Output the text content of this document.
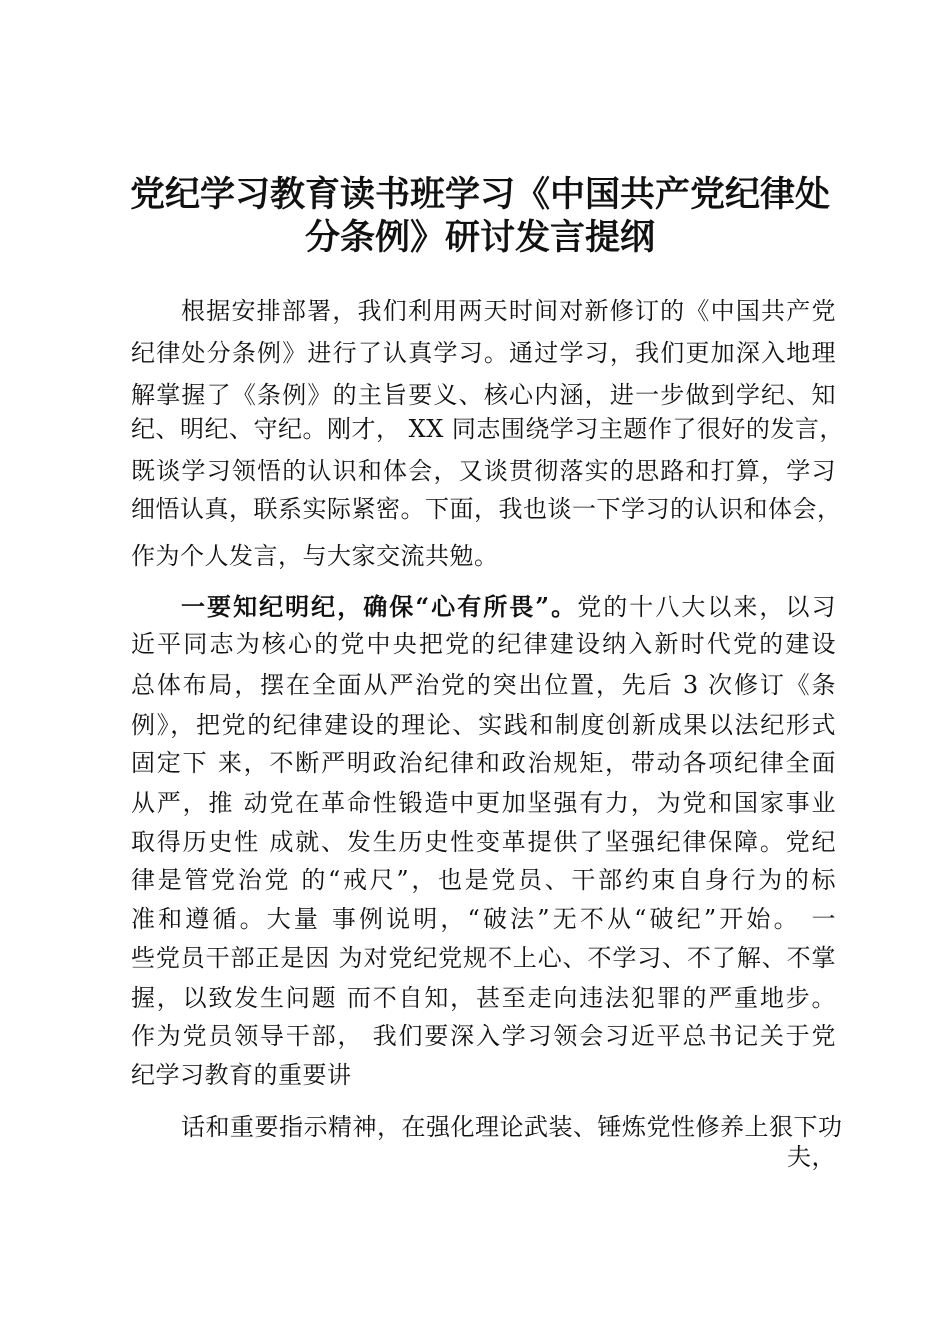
党纪学习教育读书班学习《中国共产党纪律处
分条例》研讨发言提纲
根据安排部署，我们利用两天时间对新修订的《中国共产党
纪律处分条例》进行了认真学习。通过学习，我们更加深入地理
解掌握了《条例》的主旨要义、核心内涵，进一步做到学纪、知
纪、明纪、守纪。刚才， XX 同志围绕学习主题作了很好的发言，
既谈学习领悟的认识和体会，又谈贯彻落实的思路和打算，学习
细悟认真，联系实际紧密。下面，我也谈一下学习的认识和体会，
作为个人发言，与大家交流共勉。
一要知纪明纪，确保“心有所畏”。党的十八大以来，以习
近平同志为核心的党中央把党的纪律建设纳入新时代党的建设
总体布局，摆在全面从严治党的突出位置，先后 3 次修订《条
例》，把党的纪律建设的理论、实践和制度创新成果以法纪形式
固定下 来，不断严明政治纪律和政治规矩，带动各项纪律全面
从严，推 动党在革命性锻造中更加坚强有力，为党和国家事业
取得历史性 成就、发生历史性变革提供了坚强纪律保障。党纪
律是管党治党 的“戒尺”，也是党员、干部约束自身行为的标
准和遵循。大量 事例说明，“破法”无不从“破纪”开始。 一
些党员干部正是因 为对党纪党规不上心、不学习、不了解、不掌
握，以致发生问题 而不自知，甚至走向违法犯罪的严重地步。
作为党员领导干部， 我们要深入学习领会习近平总书记关于党
纪学习教育的重要讲
话和重要指示精神，在强化理论武装、锤炼党性修养上狠下功
夫，
